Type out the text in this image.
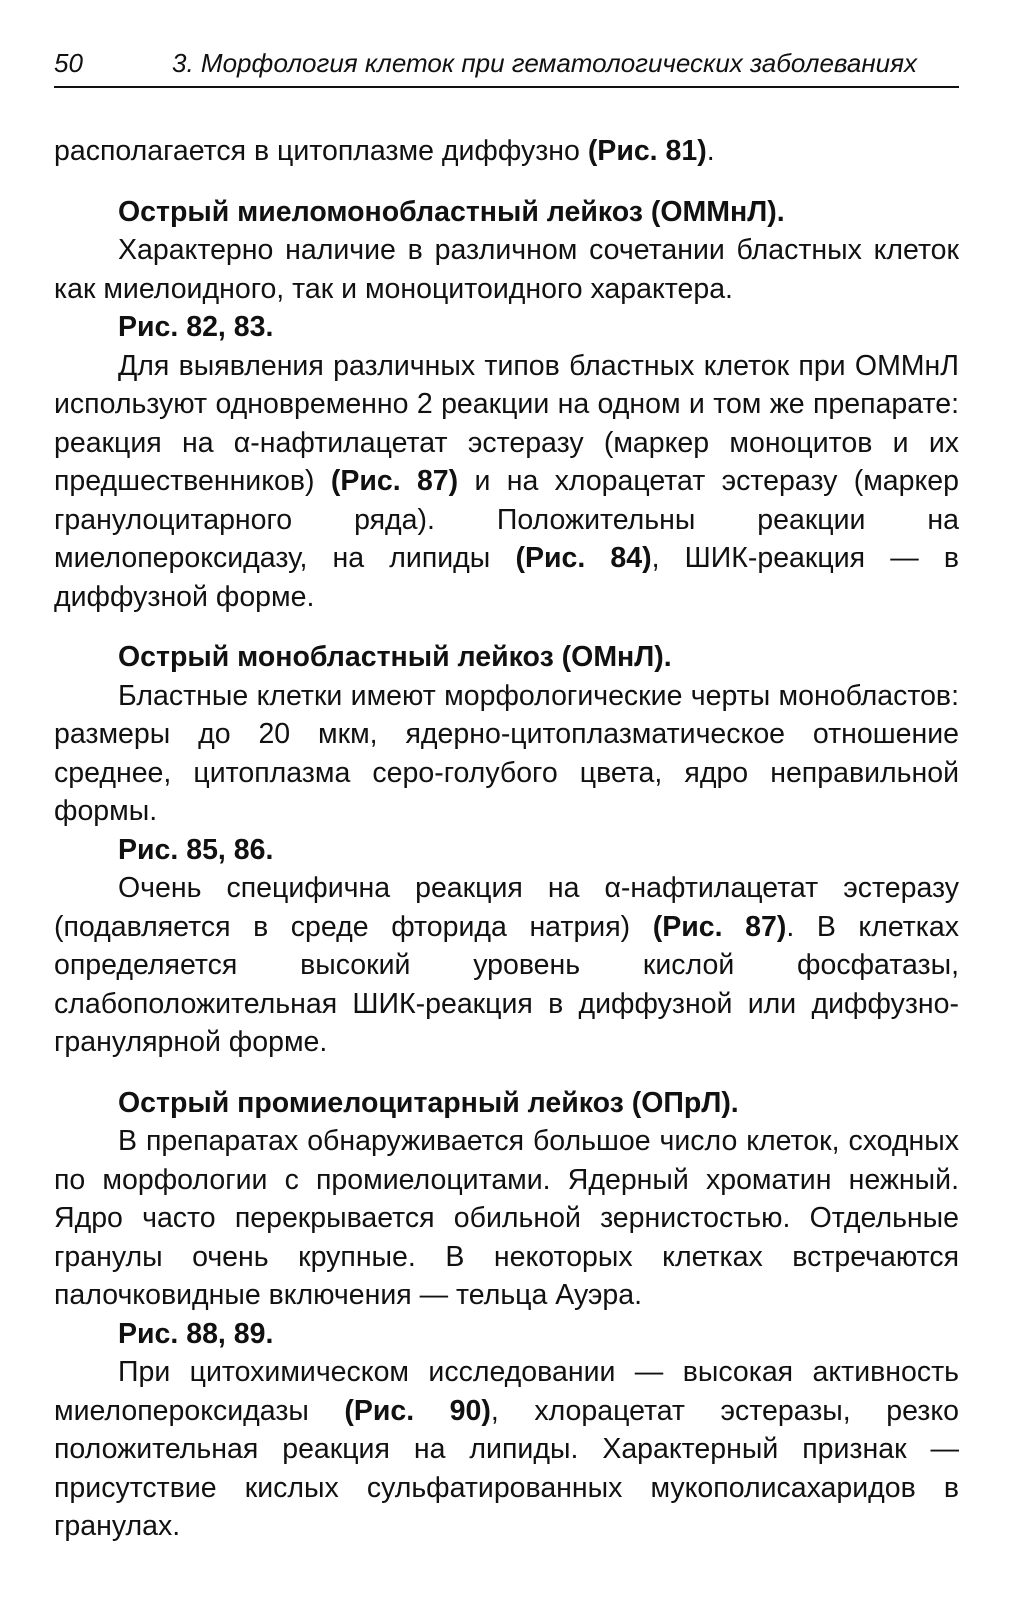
50	3. Морфология клеток при гематологических заболеваниях

располагается в цитоплазме диффузно (Рис. 81).

Острый миеломонобластный лейкоз (ОММнЛ).

Характерно наличие в различном сочетании бластных клеток как миелоидного, так и моноцитоидного характера.

Рис. 82, 83.

Для выявления различных типов бластных клеток при ОММнЛ используют одновременно 2 реакции на одном и том же препарате: реакция на α-нафтилацетат эстеразу (маркер моноцитов и их предшественников) (Рис. 87) и на хлорацетат эстеразу (маркер гранулоцитарного ряда). Положительны реакции на миелопероксидазу, на липиды (Рис. 84), ШИК-реакция — в диффузной форме.

Острый монобластный лейкоз (ОМнЛ).

Бластные клетки имеют морфологические черты монобластов: размеры до 20 мкм, ядерно-цитоплазматическое отношение среднее, цитоплазма серо-голубого цвета, ядро неправильной формы.

Рис. 85, 86.

Очень специфична реакция на α-нафтилацетат эстеразу (подавляется в среде фторида натрия) (Рис. 87). В клетках определяется высокий уровень кислой фосфатазы, слабоположительная ШИК-реакция в диффузной или диффузно-гранулярной форме.

Острый промиелоцитарный лейкоз (ОПрЛ).

В препаратах обнаруживается большое число клеток, сходных по морфологии с промиелоцитами. Ядерный хроматин нежный. Ядро часто перекрывается обильной зернистостью. Отдельные гранулы очень крупные. В некоторых клетках встречаются палочковидные включения — тельца Ауэра.

Рис. 88, 89.

При цитохимическом исследовании — высокая активность миелопероксидазы (Рис. 90), хлорацетат эстеразы, резко положительная реакция на липиды. Характерный признак — присутствие кислых сульфатированных мукополисахаридов в гранулах.
